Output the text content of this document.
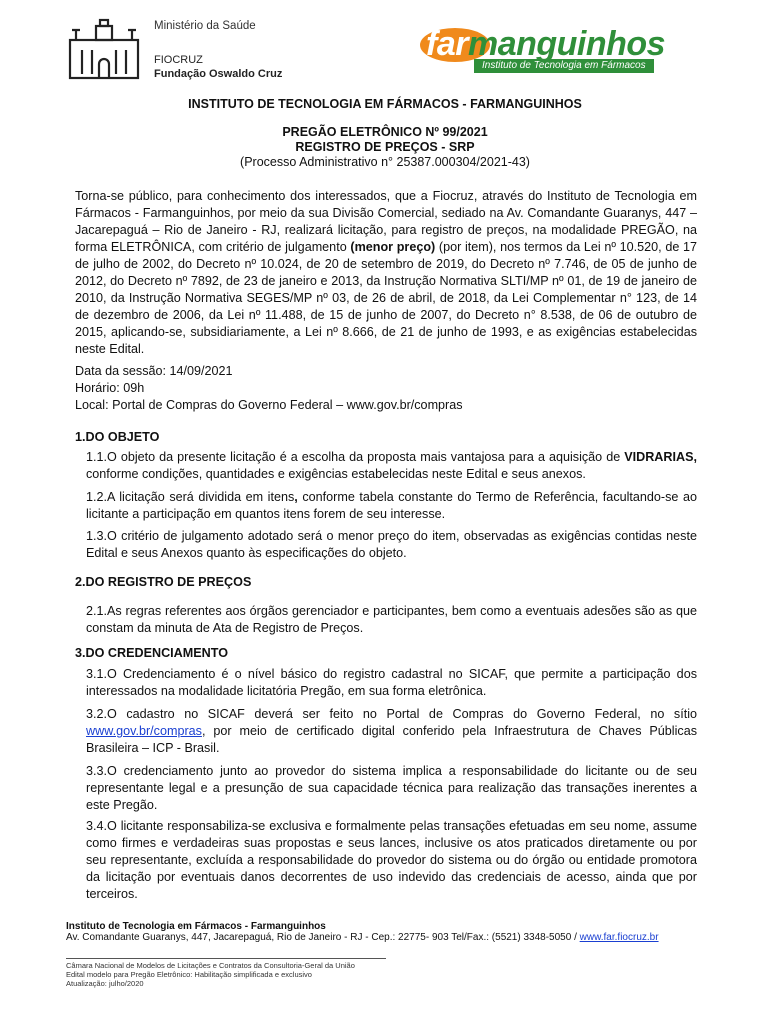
Ministério da Saúde
FIOCRUZ
Fundação Oswaldo Cruz
farmanguinhos
Instituto de Tecnologia em Fármacos
INSTITUTO DE TECNOLOGIA EM FÁRMACOS - FARMANGUINHOS
PREGÃO ELETRÔNICO Nº 99/2021
REGISTRO DE PREÇOS - SRP
(Processo Administrativo n° 25387.000304/2021-43)
Torna-se público, para conhecimento dos interessados, que a Fiocruz, através do Instituto de Tecnologia em Fármacos - Farmanguinhos, por meio da sua Divisão Comercial, sediado na Av. Comandante Guaranys, 447 – Jacarepaguá – Rio de Janeiro - RJ, realizará licitação, para registro de preços, na modalidade PREGÃO, na forma ELETRÔNICA, com critério de julgamento (menor preço) (por item), nos termos da Lei nº 10.520, de 17 de julho de 2002, do Decreto nº 10.024, de 20 de setembro de 2019, do Decreto nº 7.746, de 05 de junho de 2012, do Decreto nº 7892, de 23 de janeiro e 2013, da Instrução Normativa SLTI/MP nº 01, de 19 de janeiro de 2010, da Instrução Normativa SEGES/MP nº 03, de 26 de abril, de 2018, da Lei Complementar n° 123, de 14 de dezembro de 2006, da Lei nº 11.488, de 15 de junho de 2007, do Decreto n° 8.538, de 06 de outubro de 2015, aplicando-se, subsidiariamente, a Lei nº 8.666, de 21 de junho de 1993, e as exigências estabelecidas neste Edital.
Data da sessão: 14/09/2021
Horário: 09h
Local: Portal de Compras do Governo Federal – www.gov.br/compras
1.DO OBJETO
1.1.O objeto da presente licitação é a escolha da proposta mais vantajosa para a aquisição de VIDRARIAS, conforme condições, quantidades e exigências estabelecidas neste Edital e seus anexos.
1.2.A licitação será dividida em itens, conforme tabela constante do Termo de Referência, facultando-se ao licitante a participação em quantos itens forem de seu interesse.
1.3.O critério de julgamento adotado será o menor preço do item, observadas as exigências contidas neste Edital e seus Anexos quanto às especificações do objeto.
2.DO REGISTRO DE PREÇOS
2.1.As regras referentes aos órgãos gerenciador e participantes, bem como a eventuais adesões são as que constam da minuta de Ata de Registro de Preços.
3.DO CREDENCIAMENTO
3.1.O Credenciamento é o nível básico do registro cadastral no SICAF, que permite a participação dos interessados na modalidade licitatória Pregão, em sua forma eletrônica.
3.2.O cadastro no SICAF deverá ser feito no Portal de Compras do Governo Federal, no sítio www.gov.br/compras, por meio de certificado digital conferido pela Infraestrutura de Chaves Públicas Brasileira – ICP - Brasil.
3.3.O credenciamento junto ao provedor do sistema implica a responsabilidade do licitante ou de seu representante legal e a presunção de sua capacidade técnica para realização das transações inerentes a este Pregão.
3.4.O licitante responsabiliza-se exclusiva e formalmente pelas transações efetuadas em seu nome, assume como firmes e verdadeiras suas propostas e seus lances, inclusive os atos praticados diretamente ou por seu representante, excluída a responsabilidade do provedor do sistema ou do órgão ou entidade promotora da licitação por eventuais danos decorrentes de uso indevido das credenciais de acesso, ainda que por terceiros.
Instituto de Tecnologia em Fármacos - Farmanguinhos
Av. Comandante Guaranys, 447, Jacarepaguá, Rio de Janeiro - RJ - Cep.: 22775- 903 Tel/Fax.: (5521) 3348-5050 / www.far.fiocruz.br
Câmara Nacional de Modelos de Licitações e Contratos da Consultoria-Geral da União
Edital modelo para Pregão Eletrônico: Habilitação simplificada e exclusivo
Atualização: julho/2020
